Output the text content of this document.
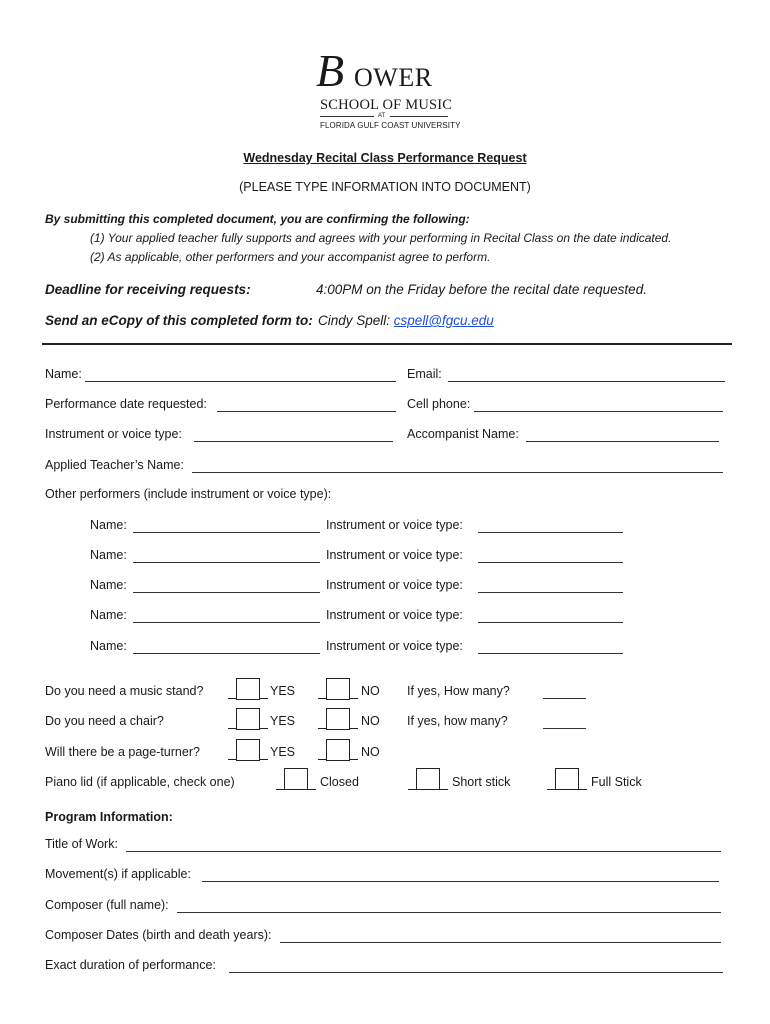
B OWER
SCHOOL OF MUSIC
AT
FLORIDA GULF COAST UNIVERSITY
Wednesday Recital Class Performance Request
(PLEASE TYPE INFORMATION INTO DOCUMENT)
By submitting this completed document, you are confirming the following:
(1) Your applied teacher fully supports and agrees with your performing in Recital Class on the date indicated.
(2) As applicable, other performers and your accompanist agree to perform.
Deadline for receiving requests:	4:00PM on the Friday before the recital date requested.
Send an eCopy of this completed form to: Cindy Spell: cspell@fgcu.edu
Name:	Email:
Performance date requested:	Cell phone:
Instrument or voice type:	Accompanist Name:
Applied Teacher’s Name:
Other performers (include instrument or voice type):
Name:	Instrument or voice type:
Name:	Instrument or voice type:
Name:	Instrument or voice type:
Name:	Instrument or voice type:
Name:	Instrument or voice type:
Do you need a music stand?	YES	NO If yes, How many?
Do you need a chair?	YES	NO If yes, how many?
Will there be a page-turner?	YES	NO
Piano lid (if applicable, check one)	Closed	Short stick	Full Stick
Program Information:
Title of Work:
Movement(s) if applicable:
Composer (full name):
Composer Dates (birth and death years):
Exact duration of performance:
